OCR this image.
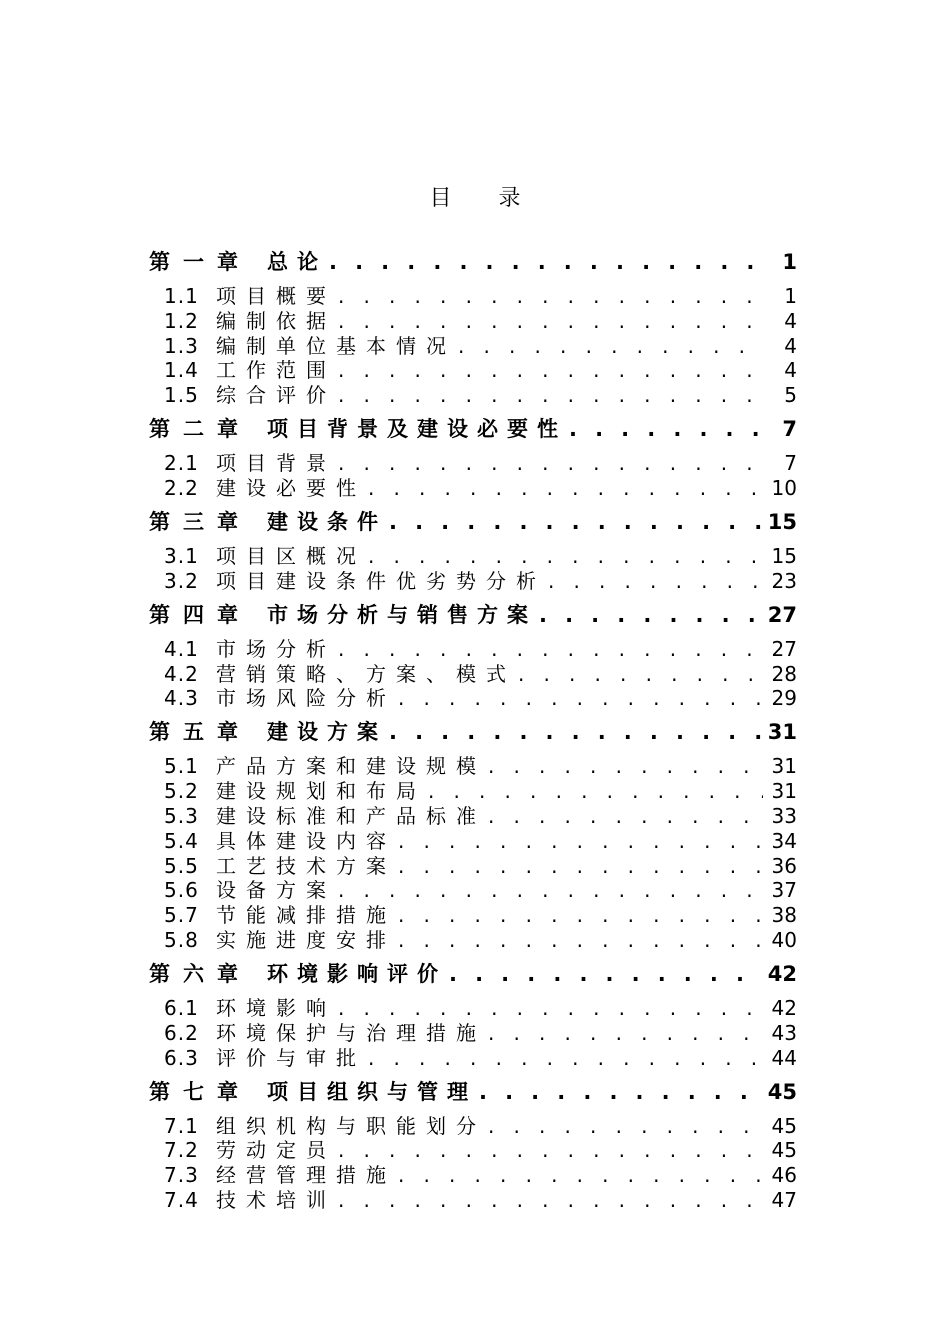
目 录
第一章 总论 . . .	1
1.1 项目概要 . . .	1
1.2 编制依据 . . .	4
1.3 编制单位基本情况 . . .	4
1.4 工作范围 . . .	4
1.5 综合评价 . . .	5
第二章 项目背景及建设必要性 . . .	7
2.1 项目背景 . . .	7
2.2 建设必要性 . . .	10
第三章 建设条件 . . .	15
3.1 项目区概况 . . .	15
3.2 项目建设条件优劣势分析 . . .	23
第四章 市场分析与销售方案 . . .	27
4.1 市场分析 . . .	27
4.2 营销策略、方案、模式 . . .	28
4.3 市场风险分析 . . .	29
第五章 建设方案 . . .	31
5.1 产品方案和建设规模 . . .	31
5.2 建设规划和布局 . . .	31
5.3 建设标准和产品标准 . . .	33
5.4 具体建设内容 . . .	34
5.5 工艺技术方案 . . .	36
5.6 设备方案 . . .	37
5.7 节能减排措施 . . .	38
5.8 实施进度安排 . . .	40
第六章 环境影响评价 . . .	42
6.1 环境影响 . . .	42
6.2 环境保护与治理措施 . . .	43
6.3 评价与审批 . . .	44
第七章 项目组织与管理 . . .	45
7.1 组织机构与职能划分 . . .	45
7.2 劳动定员 . . .	45
7.3 经营管理措施 . . .	46
7.4 技术培训 . . .	47
